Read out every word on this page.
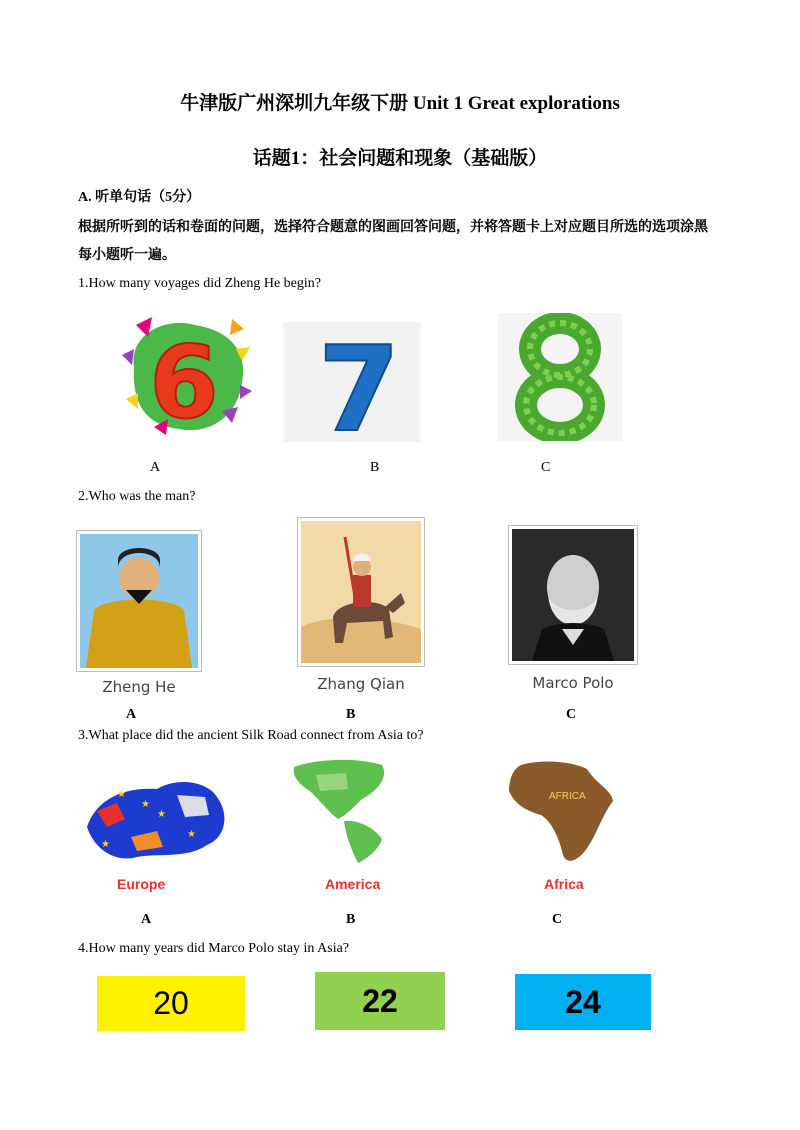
牛津版广州深圳九年级下册 Unit 1 Great explorations
话题1：社会问题和现象（基础版）
A. 听单句话（5分）
根据所听到的话和卷面的问题，选择符合题意的图画回答问题，并将答题卡上对应题目所选的选项涂黑
每小题听一遍。
1.How many voyages did Zheng He begin?
6 7
A	B	C
2.Who was the man?
Zheng He	Zhang Qian	Marco Polo
A	B	C
3.What place did the ancient Silk Road connect from Asia to?
★
★
★
★
★
Europe	America
AFRICA
Africa
A	B	C
4.How many years did Marco Polo stay in Asia?
20	22	24
